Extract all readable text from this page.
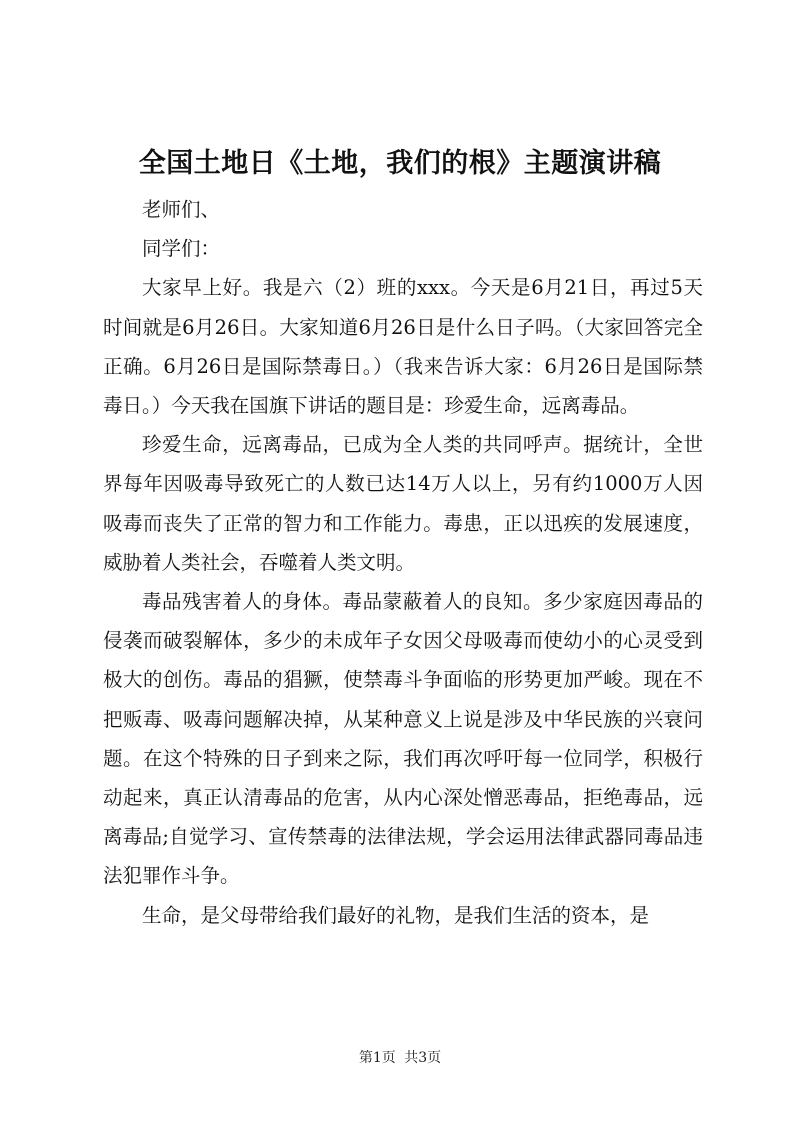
全国土地日《土地，我们的根》主题演讲稿

老师们、

同学们：

大家早上好。我是六（2）班的xxx。今天是6月21日，再过5天时间就是6月26日。大家知道6月26日是什么日子吗。（大家回答完全正确。6月26日是国际禁毒日。）（我来告诉大家：6月26日是国际禁毒日。）今天我在国旗下讲话的题目是：珍爱生命，远离毒品。

珍爱生命，远离毒品，已成为全人类的共同呼声。据统计，全世界每年因吸毒导致死亡的人数已达14万人以上，另有约1000万人因吸毒而丧失了正常的智力和工作能力。毒患，正以迅疾的发展速度，威胁着人类社会，吞噬着人类文明。

毒品残害着人的身体。毒品蒙蔽着人的良知。多少家庭因毒品的侵袭而破裂解体，多少的未成年子女因父母吸毒而使幼小的心灵受到极大的创伤。毒品的猖獗，使禁毒斗争面临的形势更加严峻。现在不把贩毒、吸毒问题解决掉，从某种意义上说是涉及中华民族的兴衰问题。在这个特殊的日子到来之际，我们再次呼吁每一位同学，积极行动起来，真正认清毒品的危害，从内心深处憎恶毒品，拒绝毒品，远离毒品;自觉学习、宣传禁毒的法律法规，学会运用法律武器同毒品违法犯罪作斗争。

生命，是父母带给我们最好的礼物，是我们生活的资本，是

第1页 共3页
